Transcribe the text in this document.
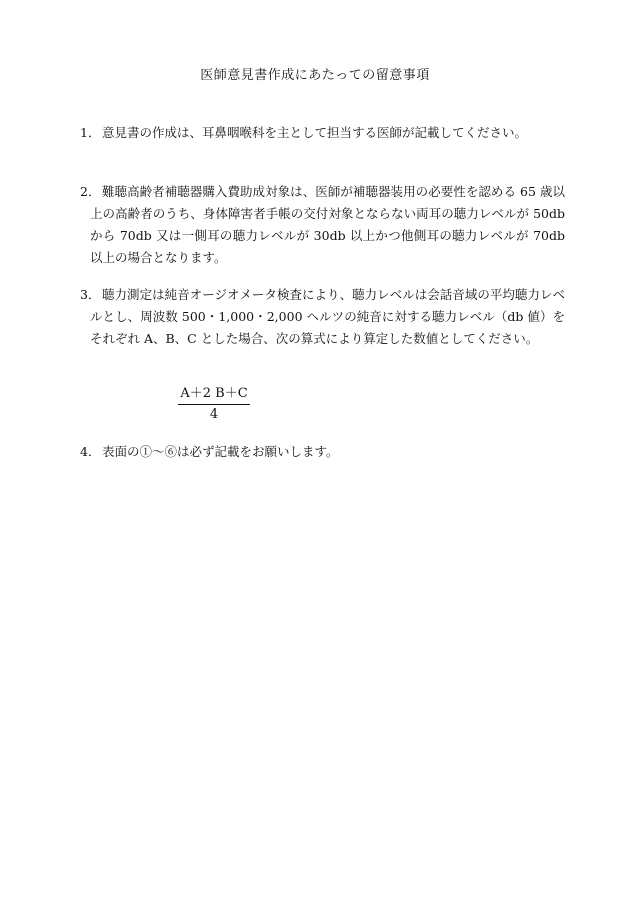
医師意見書作成にあたっての留意事項
1． 意見書の作成は、耳鼻咽喉科を主として担当する医師が記載してください。
2． 難聴高齢者補聴器購入費助成対象は、医師が補聴器装用の必要性を認める 65 歳以上の高齢者のうち、身体障害者手帳の交付対象とならない両耳の聴力レベルが 50db から 70db 又は一側耳の聴力レベルが 30db 以上かつ他側耳の聴力レベルが 70db 以上の場合となります。
3． 聴力測定は純音オージオメータ検査により、聴力レベルは会話音域の平均聴力レベルとし、周波数 500・1,000・2,000 ヘルツの純音に対する聴力レベル（db 値）をそれぞれ A、B、C とした場合、次の算式により算定した数値としてください。
$\frac{A+2 B+C}{4}$
4． 表面の①～⑥は必ず記載をお願いします。
